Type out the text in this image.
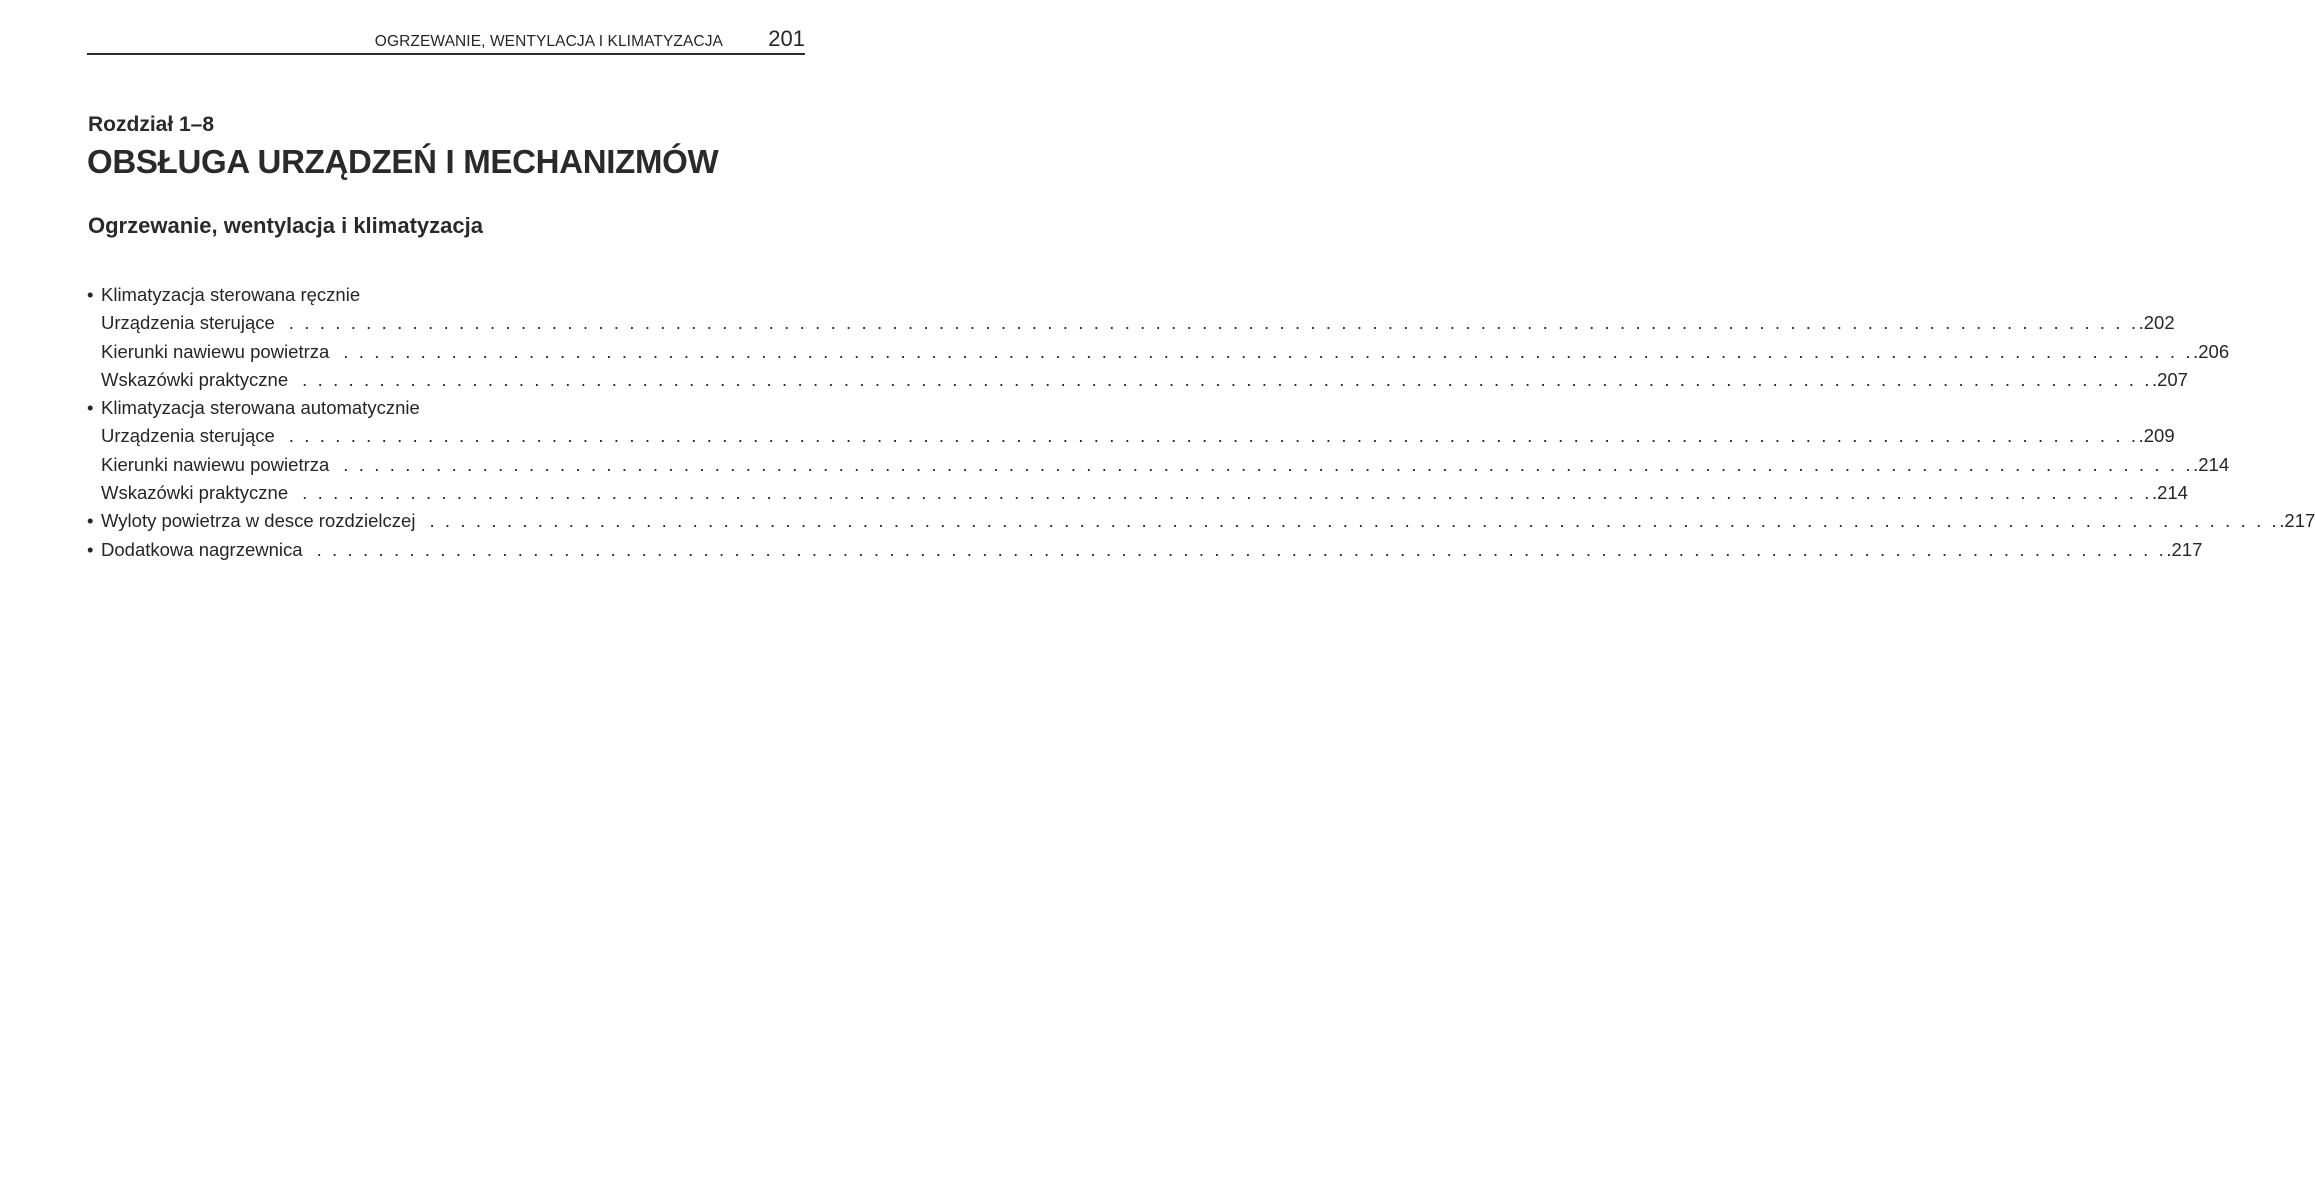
OGRZEWANIE, WENTYLACJA I KLIMATYZACJA 201
Rozdział 1–8
OBSŁUGA URZĄDZEŃ I MECHANIZMÓW
Ogrzewanie, wentylacja i klimatyzacja
• Klimatyzacja sterowana ręcznie
Urządzenia sterujące . . . . . . . . . . . . . . . . . . . . . . . . . . . . . . . . . . . . . . . . . . . . . . . . . . . . . . . . . . . . . . . . . . . . . . . . . . . . . . . . . . . . . . . . . . . . . . . . . . . . . . . . . . . . . . . . . . . . . . . . .202
Kierunki nawiewu powietrza . . . . . . . . . . . . . . . . . . . . . . . . . . . . . . . . . . . . . . . . . . . . . . . . . . . . . . . . . . . . . . . . . . . . . . . . . . . . . . . . . . . . . . . . . . . . . . . . . . . . . . . . . . . . . . . . . . . . . . . . .206
Wskazówki praktyczne . . . . . . . . . . . . . . . . . . . . . . . . . . . . . . . . . . . . . . . . . . . . . . . . . . . . . . . . . . . . . . . . . . . . . . . . . . . . . . . . . . . . . . . . . . . . . . . . . . . . . . . . . . . . . . . . . . . . . . . . .207
• Klimatyzacja sterowana automatycznie
Urządzenia sterujące . . . . . . . . . . . . . . . . . . . . . . . . . . . . . . . . . . . . . . . . . . . . . . . . . . . . . . . . . . . . . . . . . . . . . . . . . . . . . . . . . . . . . . . . . . . . . . . . . . . . . . . . . . . . . . . . . . . . . . . . .209
Kierunki nawiewu powietrza . . . . . . . . . . . . . . . . . . . . . . . . . . . . . . . . . . . . . . . . . . . . . . . . . . . . . . . . . . . . . . . . . . . . . . . . . . . . . . . . . . . . . . . . . . . . . . . . . . . . . . . . . . . . . . . . . . . . . . . . .214
Wskazówki praktyczne . . . . . . . . . . . . . . . . . . . . . . . . . . . . . . . . . . . . . . . . . . . . . . . . . . . . . . . . . . . . . . . . . . . . . . . . . . . . . . . . . . . . . . . . . . . . . . . . . . . . . . . . . . . . . . . . . . . . . . . . .214
• Wyloty powietrza w desce rozdzielczej . . . . . . . . . . . . . . . . . . . . . . . . . . . . . . . . . . . . . . . . . . . . . . . . . . . . . . . . . . . . . . . . . . . . . . . . . . . . . . . . . . . . . . . . . . . . . . . . . . . . . . . . . . . . . . . . . . . . . . . . .217
• Dodatkowa nagrzewnica . . . . . . . . . . . . . . . . . . . . . . . . . . . . . . . . . . . . . . . . . . . . . . . . . . . . . . . . . . . . . . . . . . . . . . . . . . . . . . . . . . . . . . . . . . . . . . . . . . . . . . . . . . . . . . . . . . . . . . . . .217
